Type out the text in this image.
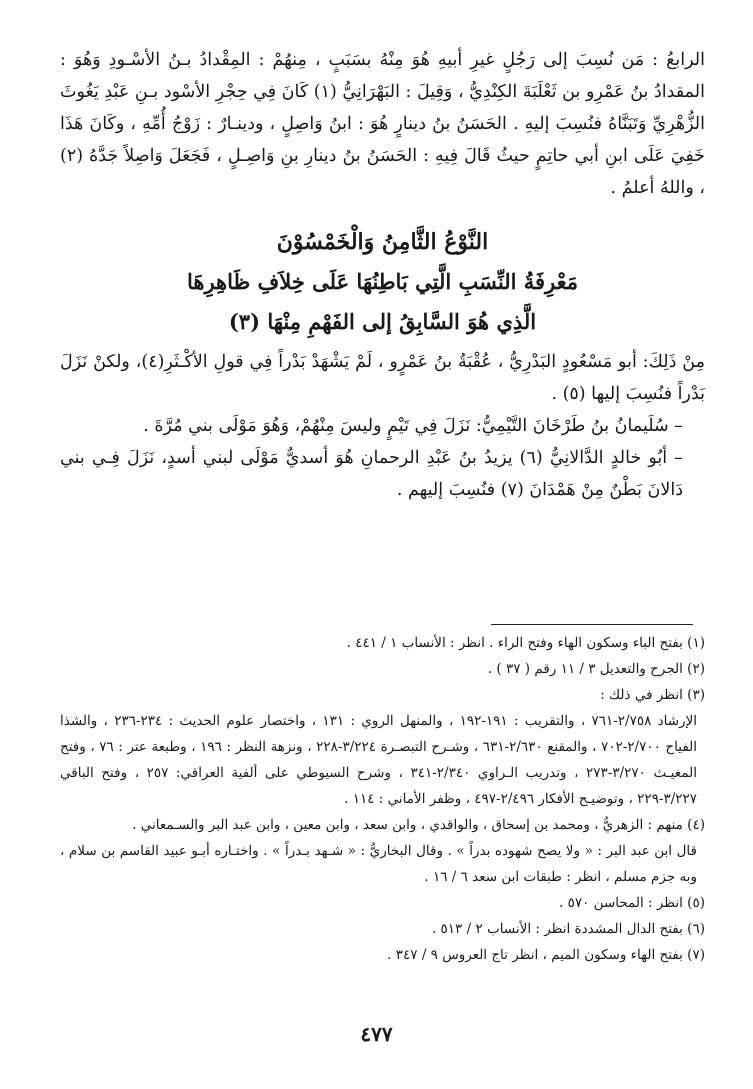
الرابعُ : مَن نُسِبَ إلى رَجُلٍ غيرِ أبيهِ هُوَ مِنْهُ بسَبَبٍ ، مِنهُمْ : المِقْدادُ بـنُ الأسْـودِ وَهُوَ : المقدادُ بنُ عَمْرِو بن ثَعْلَبَةَ الكِنْدِيُّ ، وَقِيلَ : البَهْرَانِيُّ (١) كَانَ فِي حِجْرِ الأسْود بـنِ عَبْدِ يَغُوثَ الزُّهْرِيِّ وَتَبَنَّاهُ فنُسِبَ إليهِ . الحَسَنُ بنُ دينارٍ هُوَ : ابنُ وَاصِلٍ ، ودينـارٌ : زَوْجُ أُمِّهِ ، وكَانَ هَذَا خَفِيَ عَلَى ابنِ أبي حاتِمٍ حيثُ قَالَ فِيهِ : الحَسَنُ بنُ دينارِ بنِ وَاصِـلٍ ، فَجَعَلَ وَاصِلاً جَدَّهُ (٢) ، واللهُ أعلمُ .

النَّوْعُ الثَّامِنُ وَالْخَمْسُوْنَ
مَعْرِفَةُ النِّسَبِ الَّتِي بَاطِنُهَا عَلَى خِلاَفِ ظَاهِرِهَا
الَّذِي هُوَ السَّابِقُ إلى الفَهْمِ مِنْهَا (٣)

مِنْ ذَلِكَ: أبو مَسْعُودٍ البَدْرِيُّ ، عُقْبَةُ بنُ عَمْرٍو ، لَمْ يَشْهَدْ بَدْراً فِي قولِ الأكْـثَرِ(٤)، ولكنْ نَزَلَ بَدْراً فنُسِبَ إليها (٥) .

– سُلَيمانُ بنُ طَرْخَانَ التَّيْمِيُّ: نَزَلَ فِي تَيْمٍ وليسَ مِنْهُمْ، وَهُوَ مَوْلَى بني مُرَّةَ .

– أبُو خالدٍ الدَّالانِيُّ (٦) يزيدُ بنُ عَبْدِ الرحمانِ هُوَ أسديٌّ مَوْلَى لبني أسدٍ، نَزَلَ فِـي بني دَالانَ بَطْنٌ مِنْ هَمْدَانَ (٧) فنُسِبَ إليهم .

(١) بفتح الباء وسكون الهاء وفتح الراء . انظر : الأنساب ١ / ٤٤١ .

(٢) الجرح والتعديل ٣ / ١١ رقم ( ٣٧ ) .

(٣) انظر في ذلك :

الإرشاد ٢/٧٥٨-٧٦١ ، والتقريب : ١٩١-١٩٢ ، والمنهل الروي : ١٣١ ، واختصار علوم الحديث : ٢٣٤-٢٣٦ ، والشذا الفياح ٢/٧٠٠-٧٠٢ ، والمقنع ٢/٦٣٠-٦٣١ ، وشـرح التبصـرة ٣/٢٢٤-٢٢٨ ، ونزهة النظر : ١٩٦ ، وطبعة عتر : ٧٦ ، وفتح المغيـث ٣/٢٧٠-٢٧٣ ، وتدريب الـراوي ٢/٣٤٠-٣٤١ ، وشرح السيوطي على ألفية العراقي: ٢٥٧ ، وفتح الباقي ٣/٢٢٧-٢٢٩ ، وتوضيـح الأفكار ٢/٤٩٦-٤٩٧ ، وظفر الأماني : ١١٤ .

(٤) منهم : الزهريُّ ، ومحمد بن إسحاق ، والواقدي ، وابن سعد ، وابن معين ، وابن عبد البر والسـمعاني .

قال ابن عبد البر : « ولا يصح شهوده بدراً » . وقال البخاريُّ : « شـهد بـدراً » . واختـاره أبـو عبيد القاسم بن سلام ، وبه جزم مسلم ، انظر : طبقات ابن سعد ٦ / ١٦ .

(٥) انظر : المحاسن ٥٧٠ .

(٦) بفتح الدال المشددة انظر : الأنساب ٢ / ٥١٣ .

(٧) بفتح الهاء وسكون الميم ، انظر تاج العروس ٩ / ٣٤٧ .

٤٧٧
